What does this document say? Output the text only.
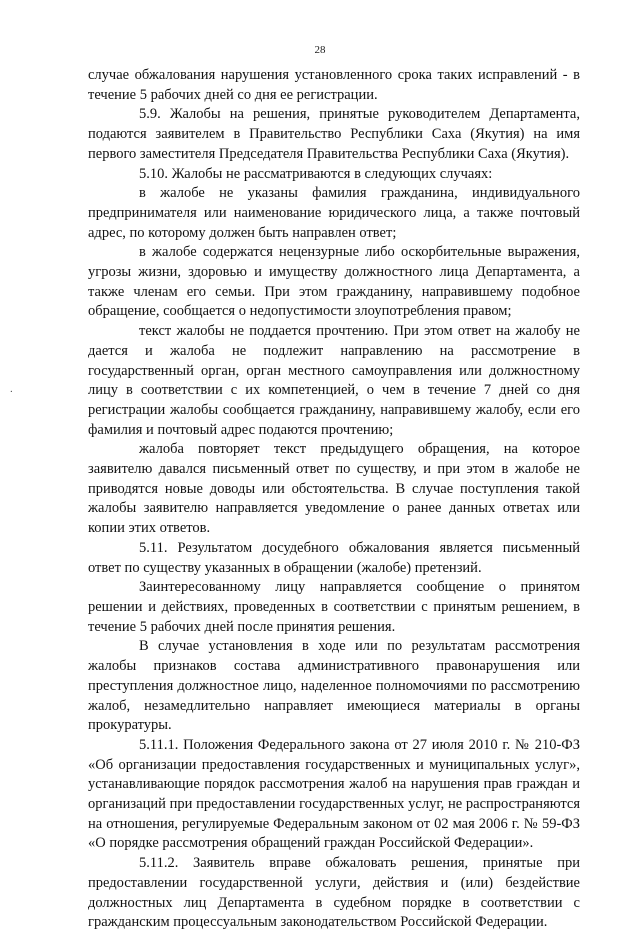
28
.

случае обжалования нарушения установленного срока таких исправлений - в течение 5 рабочих дней со дня ее регистрации.

5.9. Жалобы на решения, принятые руководителем Департамента, подаются заявителем в Правительство Республики Саха (Якутия) на имя первого заместителя Председателя Правительства Республики Саха (Якутия).

5.10. Жалобы не рассматриваются в следующих случаях:

в жалобе не указаны фамилия гражданина, индивидуального предпринимателя или наименование юридического лица, а также почтовый адрес, по которому должен быть направлен ответ;

в жалобе содержатся нецензурные либо оскорбительные выражения, угрозы жизни, здоровью и имуществу должностного лица Департамента, а также членам его семьи. При этом гражданину, направившему подобное обращение, сообщается о недопустимости злоупотребления правом;

текст жалобы не поддается прочтению. При этом ответ на жалобу не дается и жалоба не подлежит направлению на рассмотрение в государственный орган, орган местного самоуправления или должностному лицу в соответствии с их компетенцией, о чем в течение 7 дней со дня регистрации жалобы сообщается гражданину, направившему жалобу, если его фамилия и почтовый адрес подаются прочтению;

жалоба повторяет текст предыдущего обращения, на которое заявителю давался письменный ответ по существу, и при этом в жалобе не приводятся новые доводы или обстоятельства. В случае поступления такой жалобы заявителю направляется уведомление о ранее данных ответах или копии этих ответов.

5.11. Результатом досудебного обжалования является письменный ответ по существу указанных в обращении (жалобе) претензий.

Заинтересованному лицу направляется сообщение о принятом решении и действиях, проведенных в соответствии с принятым решением, в течение 5 рабочих дней после принятия решения.

В случае установления в ходе или по результатам рассмотрения жалобы признаков состава административного правонарушения или преступления должностное лицо, наделенное полномочиями по рассмотрению жалоб, незамедлительно направляет имеющиеся материалы в органы прокуратуры.

5.11.1. Положения Федерального закона от 27 июля 2010 г. № 210-ФЗ «Об организации предоставления государственных и муниципальных услуг», устанавливающие порядок рассмотрения жалоб на нарушения прав граждан и организаций при предоставлении государственных услуг, не распространяются на отношения, регулируемые Федеральным законом от 02 мая 2006 г. № 59-ФЗ «О порядке рассмотрения обращений граждан Российской Федерации».

5.11.2. Заявитель вправе обжаловать решения, принятые при предоставлении государственной услуги, действия и (или) бездействие должностных лиц Департамента в судебном порядке в соответствии с гражданским процессуальным законодательством Российской Федерации.
